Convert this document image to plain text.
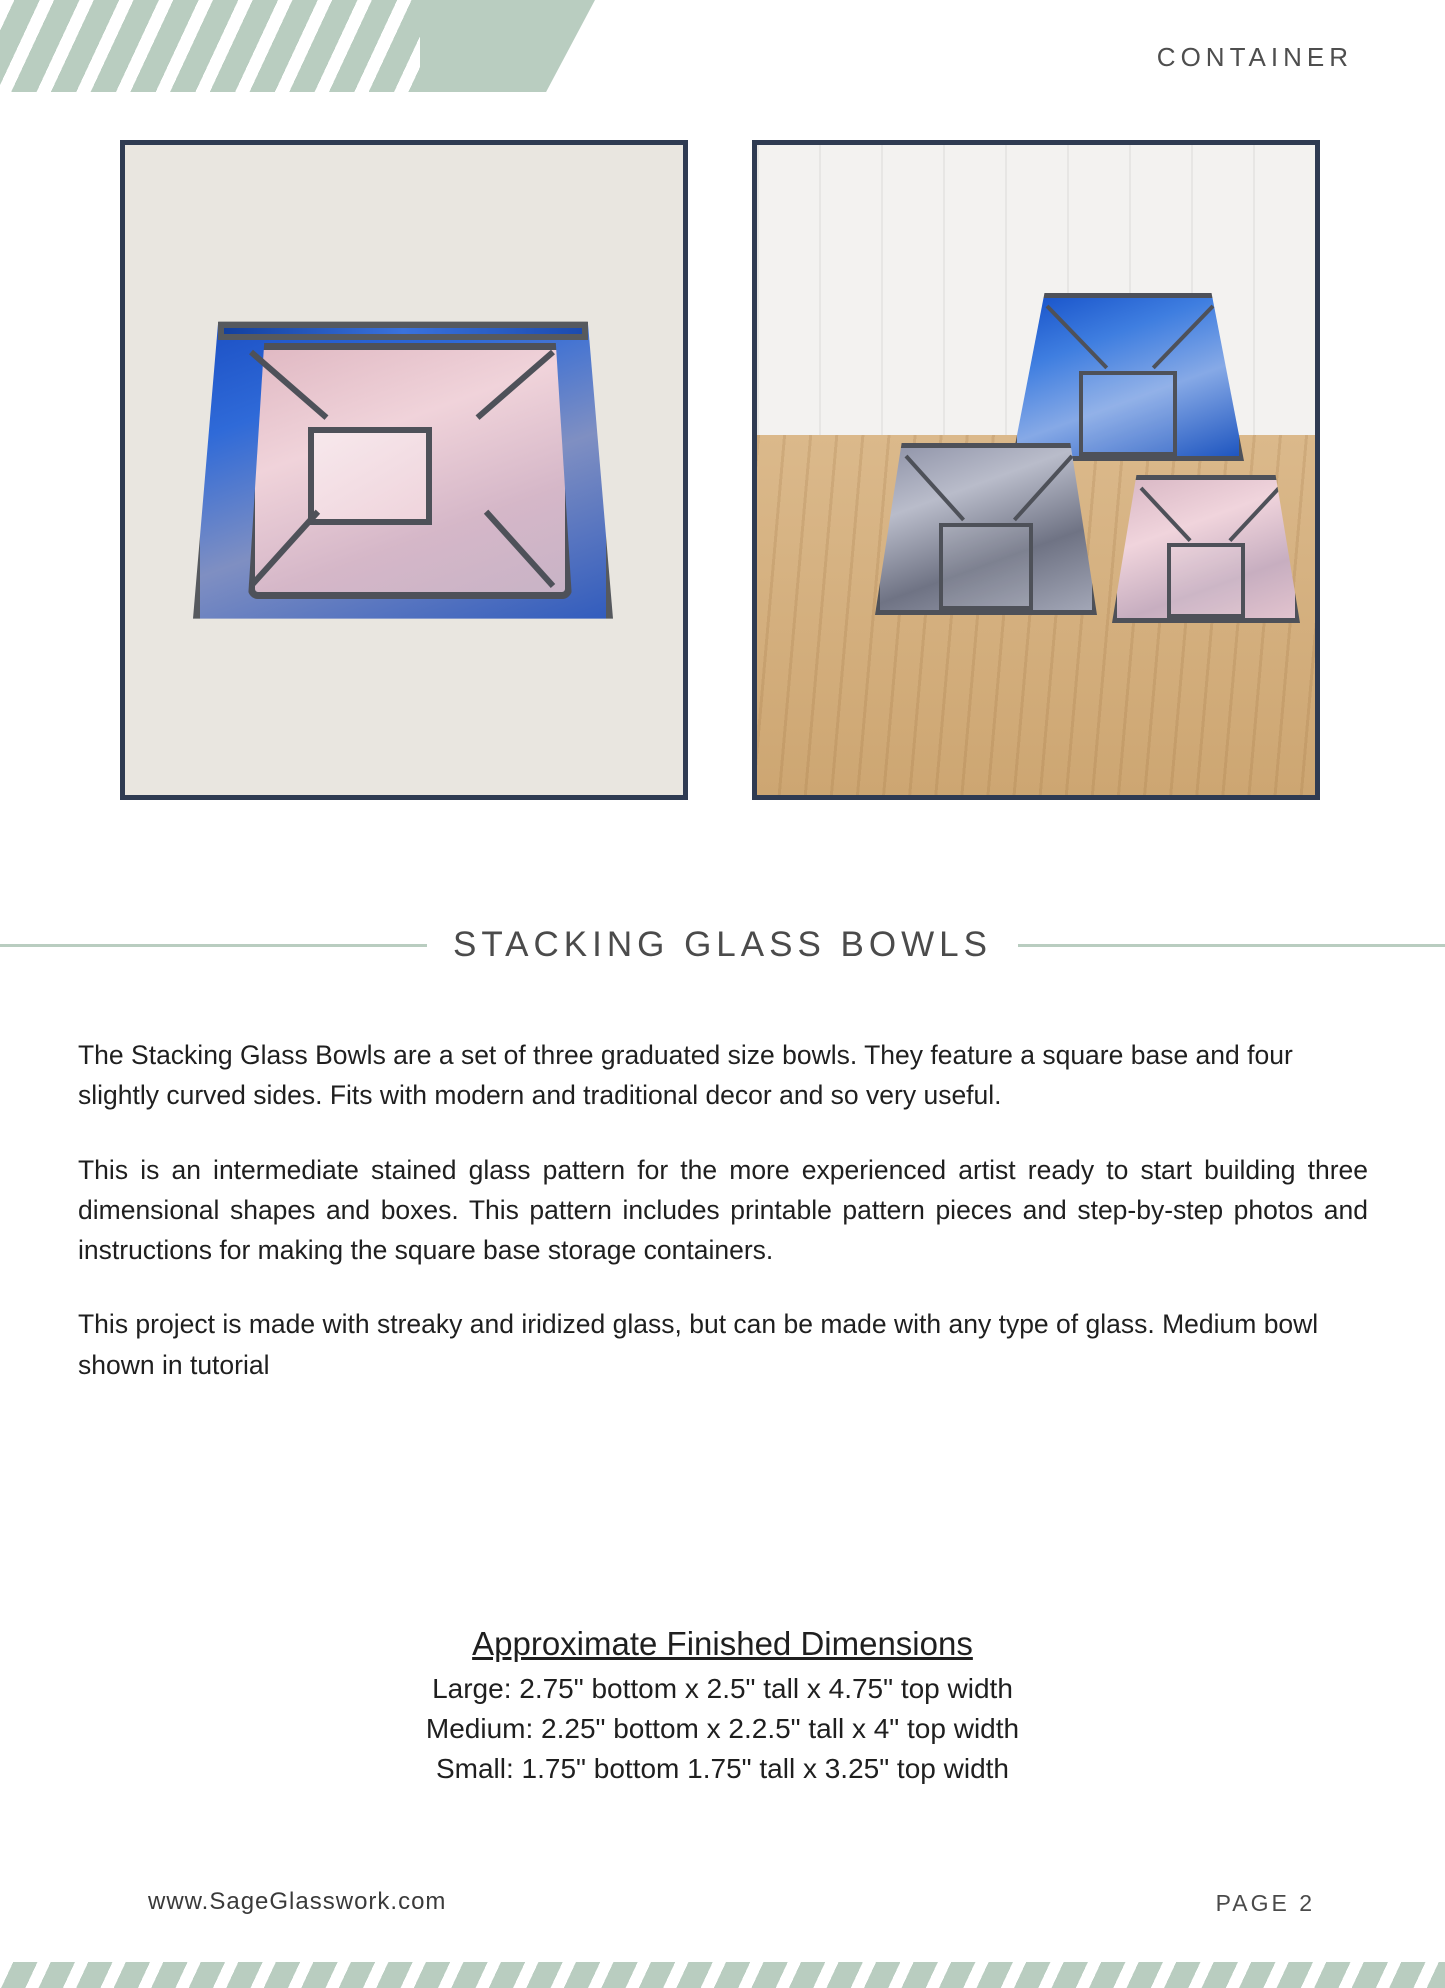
CONTAINER
STACKING GLASS BOWLS

The Stacking Glass Bowls are a set of three graduated size bowls. They feature a square base and four slightly curved sides. Fits with modern and traditional decor and so very useful.

This is an intermediate stained glass pattern for the more experienced artist ready to start building three dimensional shapes and boxes. This pattern includes printable pattern pieces and step-by-step photos and instructions for making the square base storage containers.

This project is made with streaky and iridized glass, but can be made with any type of glass. Medium bowl shown in tutorial

Approximate Finished Dimensions
Large: 2.75" bottom x 2.5" tall x 4.75" top width
Medium: 2.25" bottom x 2.2.5" tall x 4" top width
Small: 1.75" bottom 1.75" tall x 3.25" top width
www.SageGlasswork.com	PAGE 2
